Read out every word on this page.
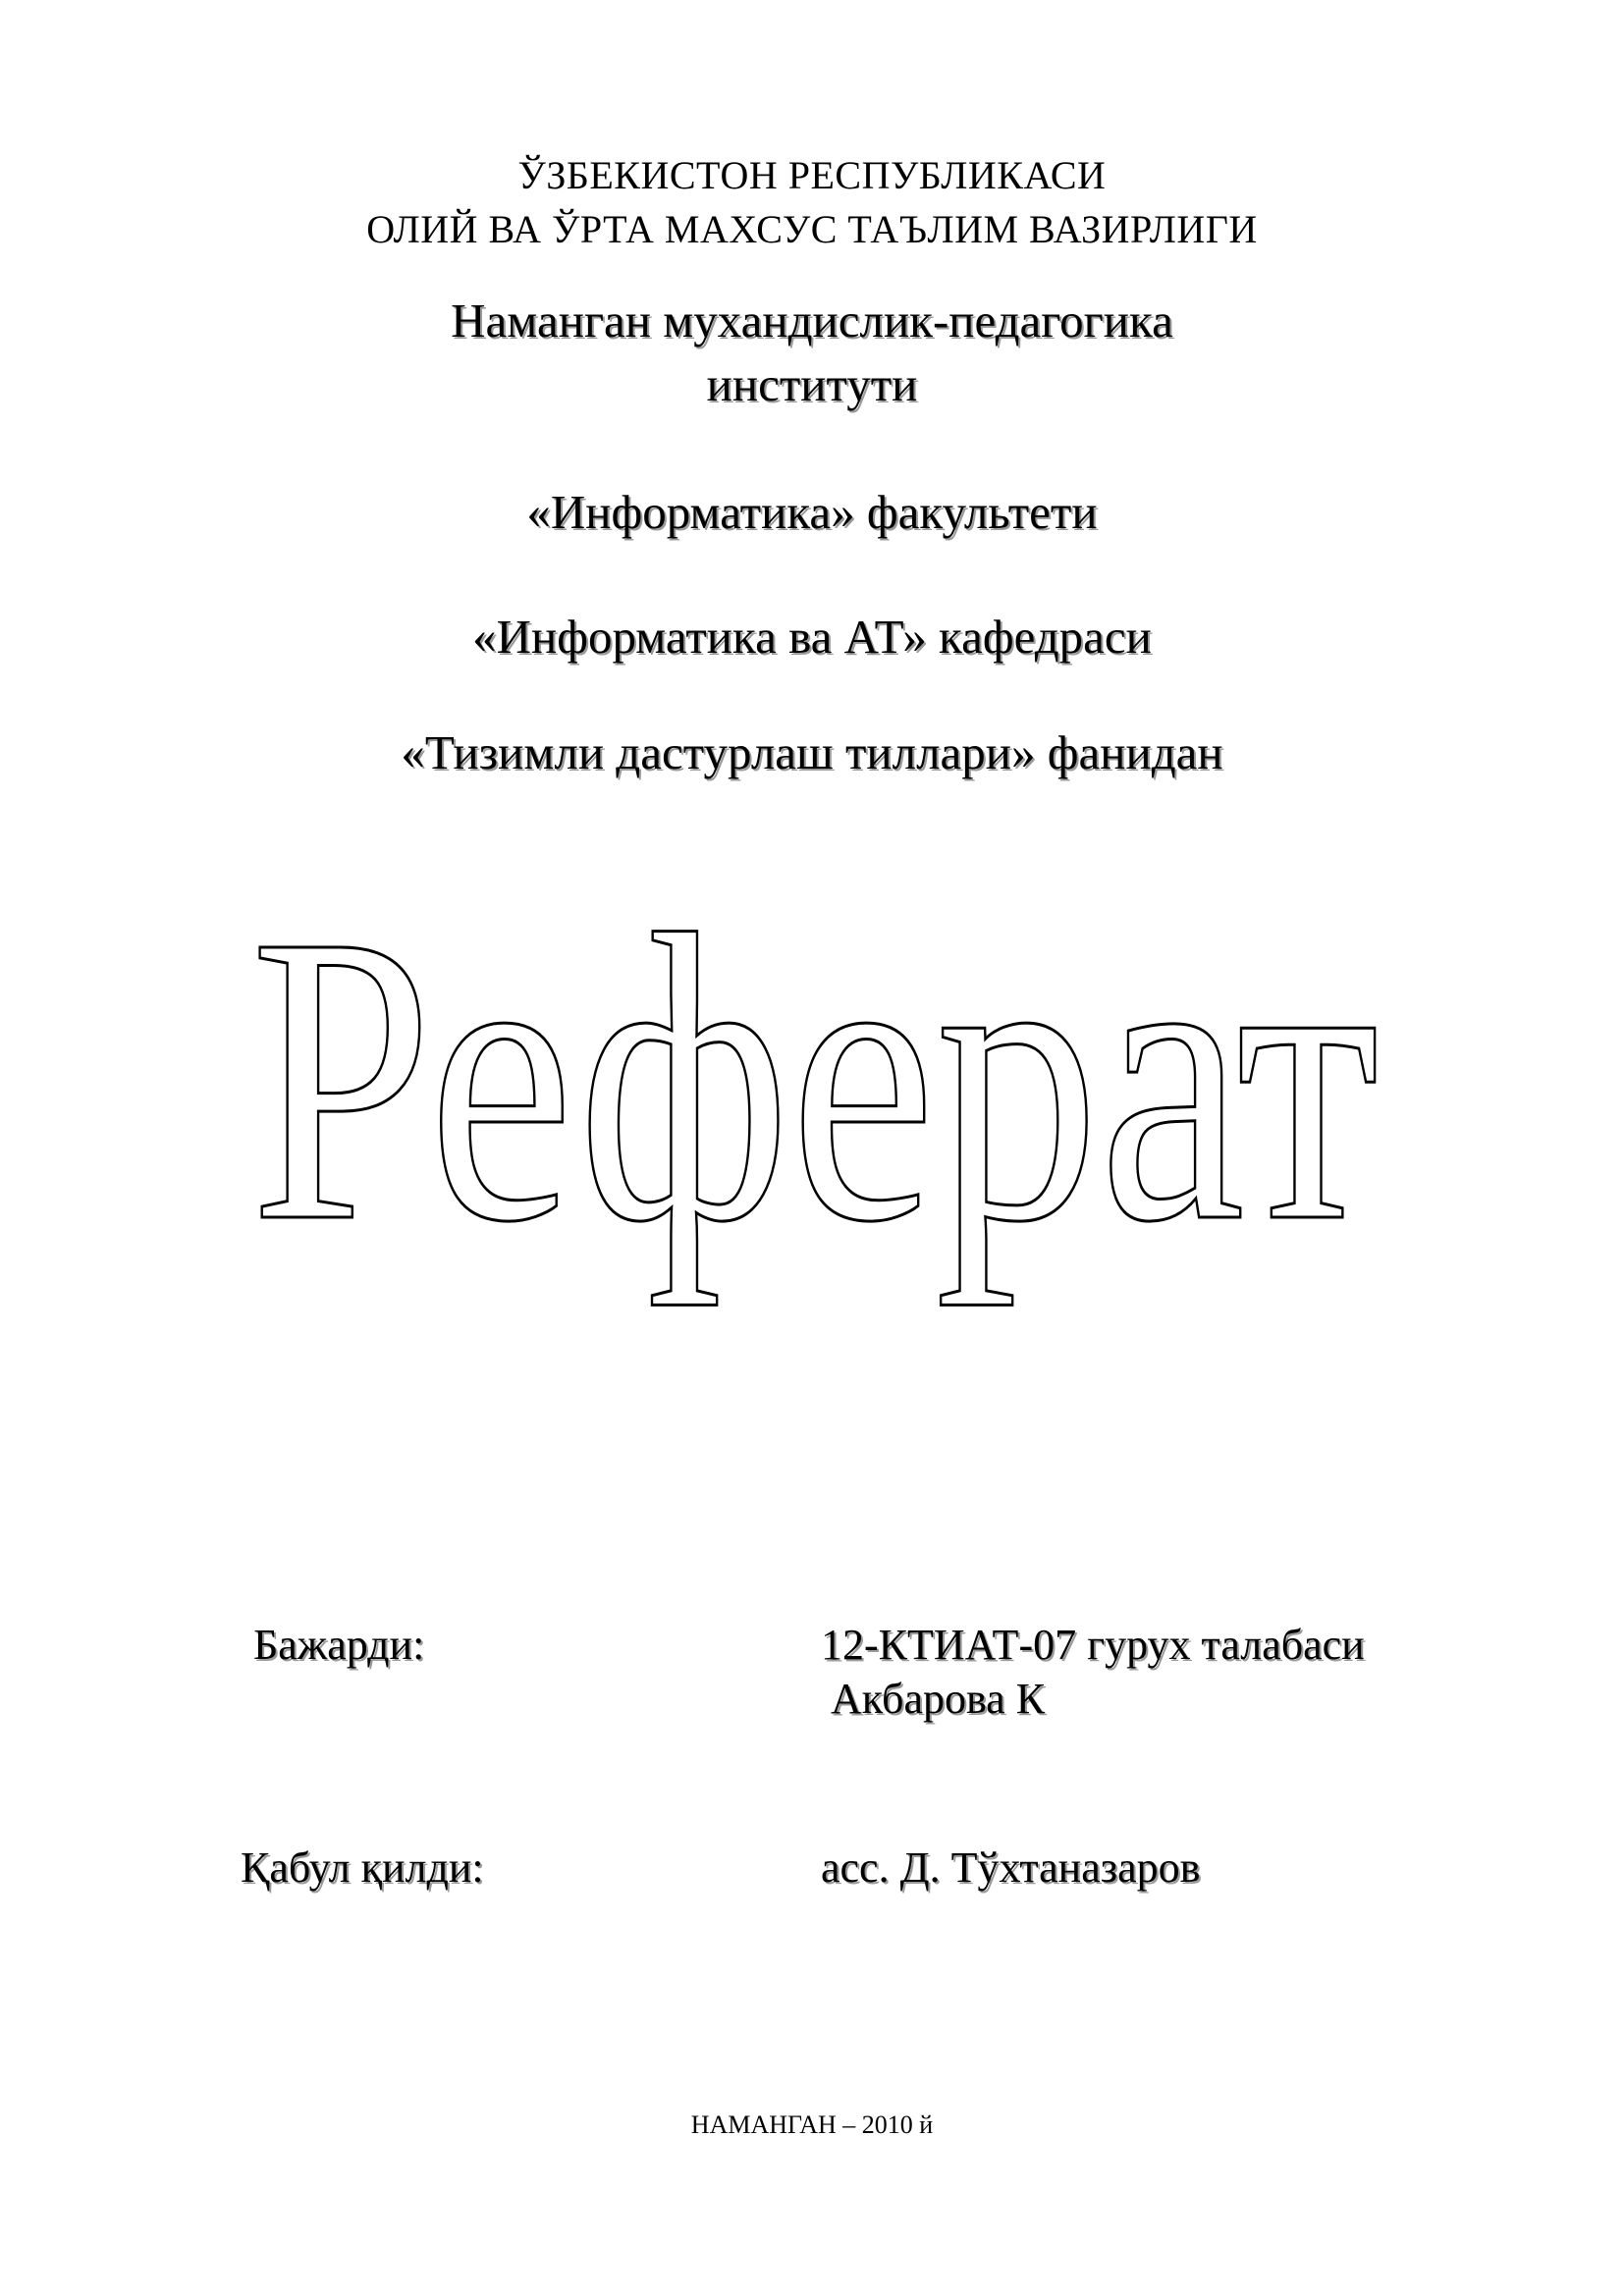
ЎЗБЕКИСТОН РЕСПУБЛИКАСИ
ОЛИЙ ВА ЎРТА МАХСУС ТАЪЛИМ ВАЗИРЛИГИ
Наманган мухандислик-педагогика
институти
«Информатика» факультети
«Информатика ва АТ» кафедраси
«Тизимли дастурлаш тиллари» фанидан
Реферат
Бажарди:	12-КТИАТ-07 гурух талабаси
Акбарова К
Қабул қилди:	асс. Д. Тўхтаназаров
НАМАНГАН – 2010 й
